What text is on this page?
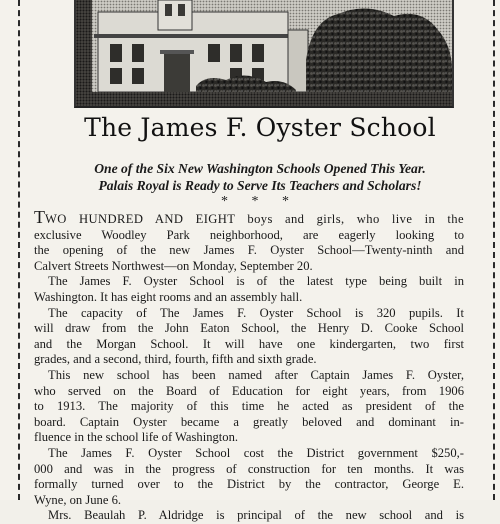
The James F. Oyster School
One of the Six New Washington Schools Opened This Year.
Palais Royal is Ready to Serve Its Teachers and Scholars!
* * *
TWO HUNDRED AND EIGHT boys and girls, who live in the
exclusive Woodley Park neighborhood, are eagerly looking to
the opening of the new James F. Oyster School—Twenty-ninth and
Calvert Streets Northwest—on Monday, September 20.
The James F. Oyster School is of the latest type being built in
Washington. It has eight rooms and an assembly hall.
The capacity of The James F. Oyster School is 320 pupils. It
will draw from the John Eaton School, the Henry D. Cooke School
and the Morgan School. It will have one kindergarten, two first
grades, and a second, third, fourth, fifth and sixth grade.
This new school has been named after Captain James F. Oyster,
who served on the Board of Education for eight years, from 1906
to 1913. The majority of this time he acted as president of the
board. Captain Oyster became a greatly beloved and dominant in-
fluence in the school life of Washington.
The James F. Oyster School cost the District government $250,-
000 and was in the progress of construction for ten months. It was
formally turned over to the District by the contractor, George E.
Wyne, on June 6.
Mrs. Beaulah P. Aldridge is principal of the new school and is
